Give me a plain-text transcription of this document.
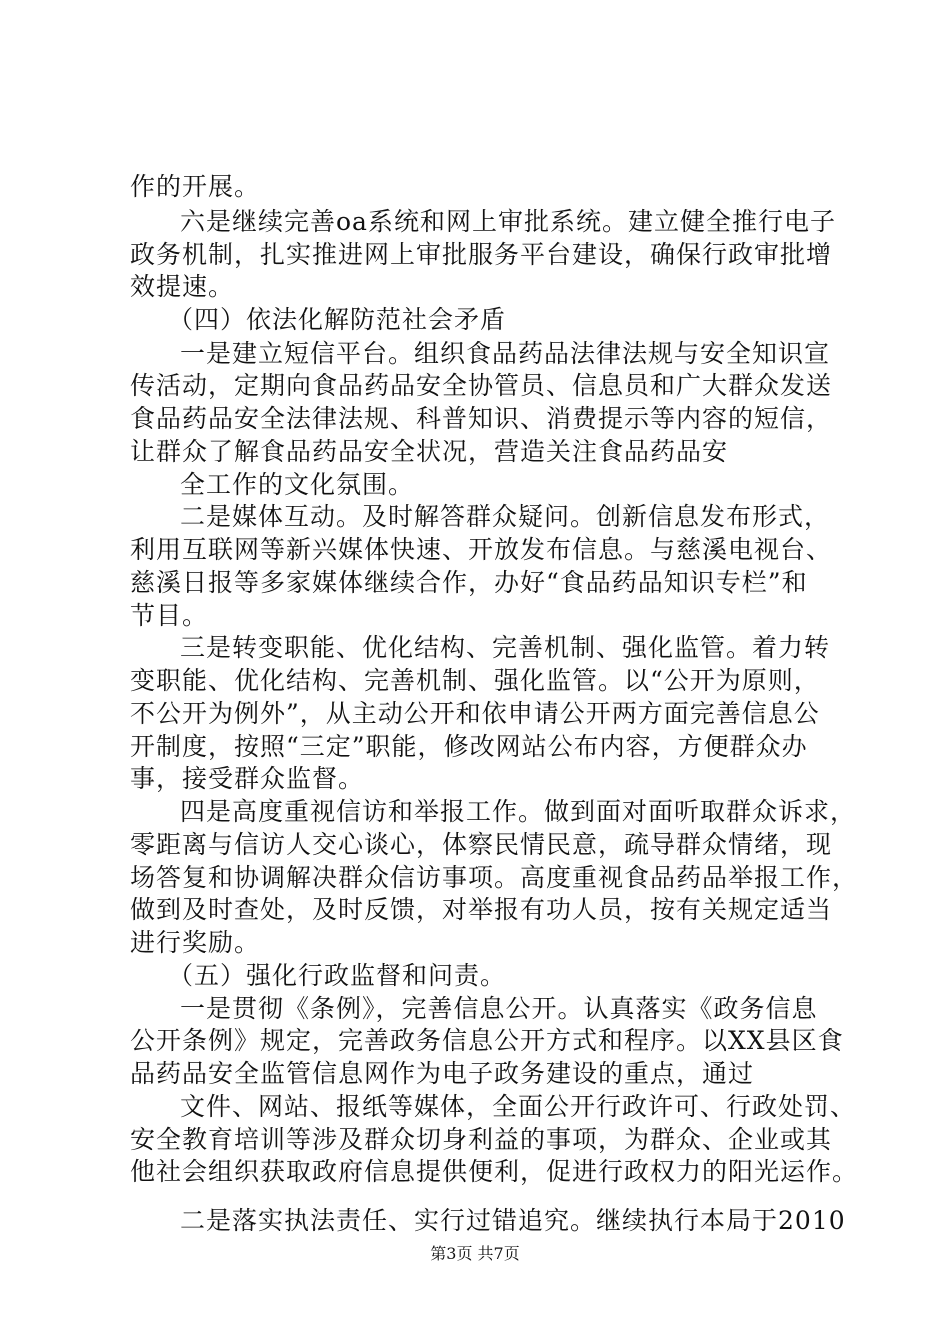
作的开展。
六是继续完善oa系统和网上审批系统。建立健全推行电子
政务机制，扎实推进网上审批服务平台建设，确保行政审批增
效提速。
（四）依法化解防范社会矛盾
一是建立短信平台。组织食品药品法律法规与安全知识宣
传活动，定期向食品药品安全协管员、信息员和广大群众发送
食品药品安全法律法规、科普知识、消费提示等内容的短信，
让群众了解食品药品安全状况，营造关注食品药品安
全工作的文化氛围。
二是媒体互动。及时解答群众疑问。创新信息发布形式，
利用互联网等新兴媒体快速、开放发布信息。与慈溪电视台、
慈溪日报等多家媒体继续合作，办好“食品药品知识专栏”和
节目。
三是转变职能、优化结构、完善机制、强化监管。着力转
变职能、优化结构、完善机制、强化监管。以“公开为原则，
不公开为例外”，从主动公开和依申请公开两方面完善信息公
开制度，按照“三定”职能，修改网站公布内容，方便群众办
事，接受群众监督。
四是高度重视信访和举报工作。做到面对面听取群众诉求，
零距离与信访人交心谈心，体察民情民意，疏导群众情绪，现
场答复和协调解决群众信访事项。高度重视食品药品举报工作，
做到及时查处，及时反馈，对举报有功人员，按有关规定适当
进行奖励。
（五）强化行政监督和问责。
一是贯彻《条例》，完善信息公开。认真落实《政务信息
公开条例》规定，完善政务信息公开方式和程序。以XX县区食
品药品安全监管信息网作为电子政务建设的重点，通过
文件、网站、报纸等媒体，全面公开行政许可、行政处罚、
安全教育培训等涉及群众切身利益的事项，为群众、企业或其
他社会组织获取政府信息提供便利，促进行政权力的阳光运作。
二是落实执法责任、实行过错追究。继续执行本局于2010
第3页 共7页
